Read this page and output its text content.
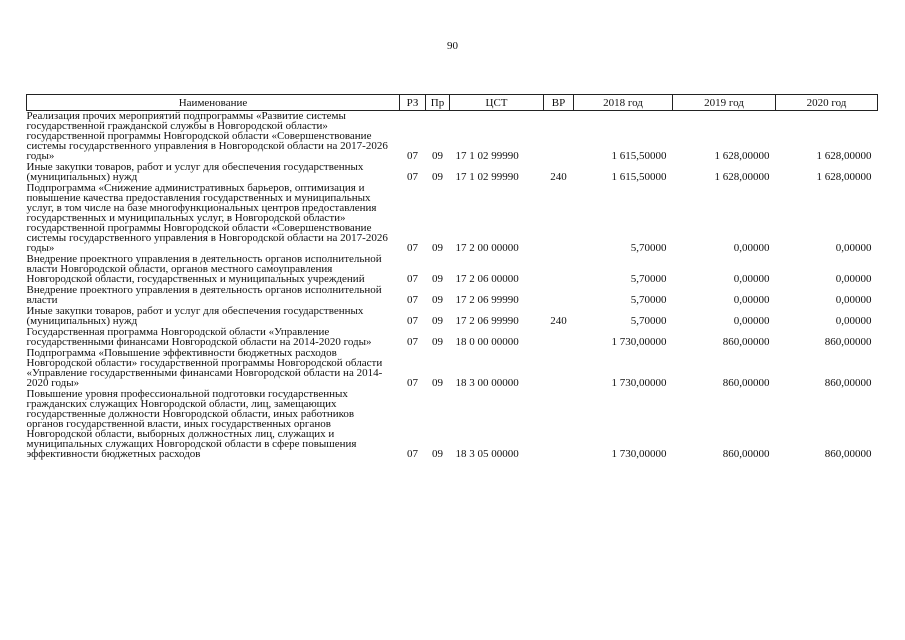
90
Наименование	РЗ	Пр	ЦСТ	ВР	2018 год	2019 год	2020 год
Реализация прочих мероприятий подпрограммы «Развитие системы государственной гражданской службы в Новгородской области» государственной программы Новгородской области «Совершенствование системы государственного управления в Новгородской области на 2017-2026 годы»	07	09	17 1 02 99990		1 615,50000	1 628,00000	1 628,00000
Иные закупки товаров, работ и услуг для обеспечения государственных (муниципальных) нужд	07	09	17 1 02 99990	240	1 615,50000	1 628,00000	1 628,00000
Подпрограмма «Снижение административных барьеров, оптимизация и повышение качества предоставления государственных и муниципальных услуг, в том числе на базе многофункциональных центров предоставления государственных и муниципальных услуг, в Новгородской области» государственной программы Новгородской области «Совершенствование системы государственного управления в Новгородской области на 2017-2026 годы»	07	09	17 2 00 00000		5,70000	0,00000	0,00000
Внедрение проектного управления в деятельность органов исполнительной власти Новгородской области, органов местного самоуправления Новгородской области, государственных и муниципальных учреждений	07	09	17 2 06 00000		5,70000	0,00000	0,00000
Внедрение проектного управления в деятельность органов исполнительной власти	07	09	17 2 06 99990		5,70000	0,00000	0,00000
Иные закупки товаров, работ и услуг для обеспечения государственных (муниципальных) нужд	07	09	17 2 06 99990	240	5,70000	0,00000	0,00000
Государственная программа Новгородской области «Управление государственными финансами Новгородской области на 2014-2020 годы»	07	09	18 0 00 00000		1 730,00000	860,00000	860,00000
Подпрограмма «Повышение эффективности бюджетных расходов Новгородской области» государственной программы Новгородской области «Управление государственными финансами Новгородской области на 2014-2020 годы»	07	09	18 3 00 00000		1 730,00000	860,00000	860,00000
Повышение уровня профессиональной подготовки государственных гражданских служащих Новгородской области, лиц, замещающих государственные должности Новгородской области, иных работников органов государственной власти, иных государственных органов Новгородской области, выборных должностных лиц, служащих и муниципальных служащих Новгородской области в сфере повышения эффективности бюджетных расходов	07	09	18 3 05 00000		1 730,00000	860,00000	860,00000
